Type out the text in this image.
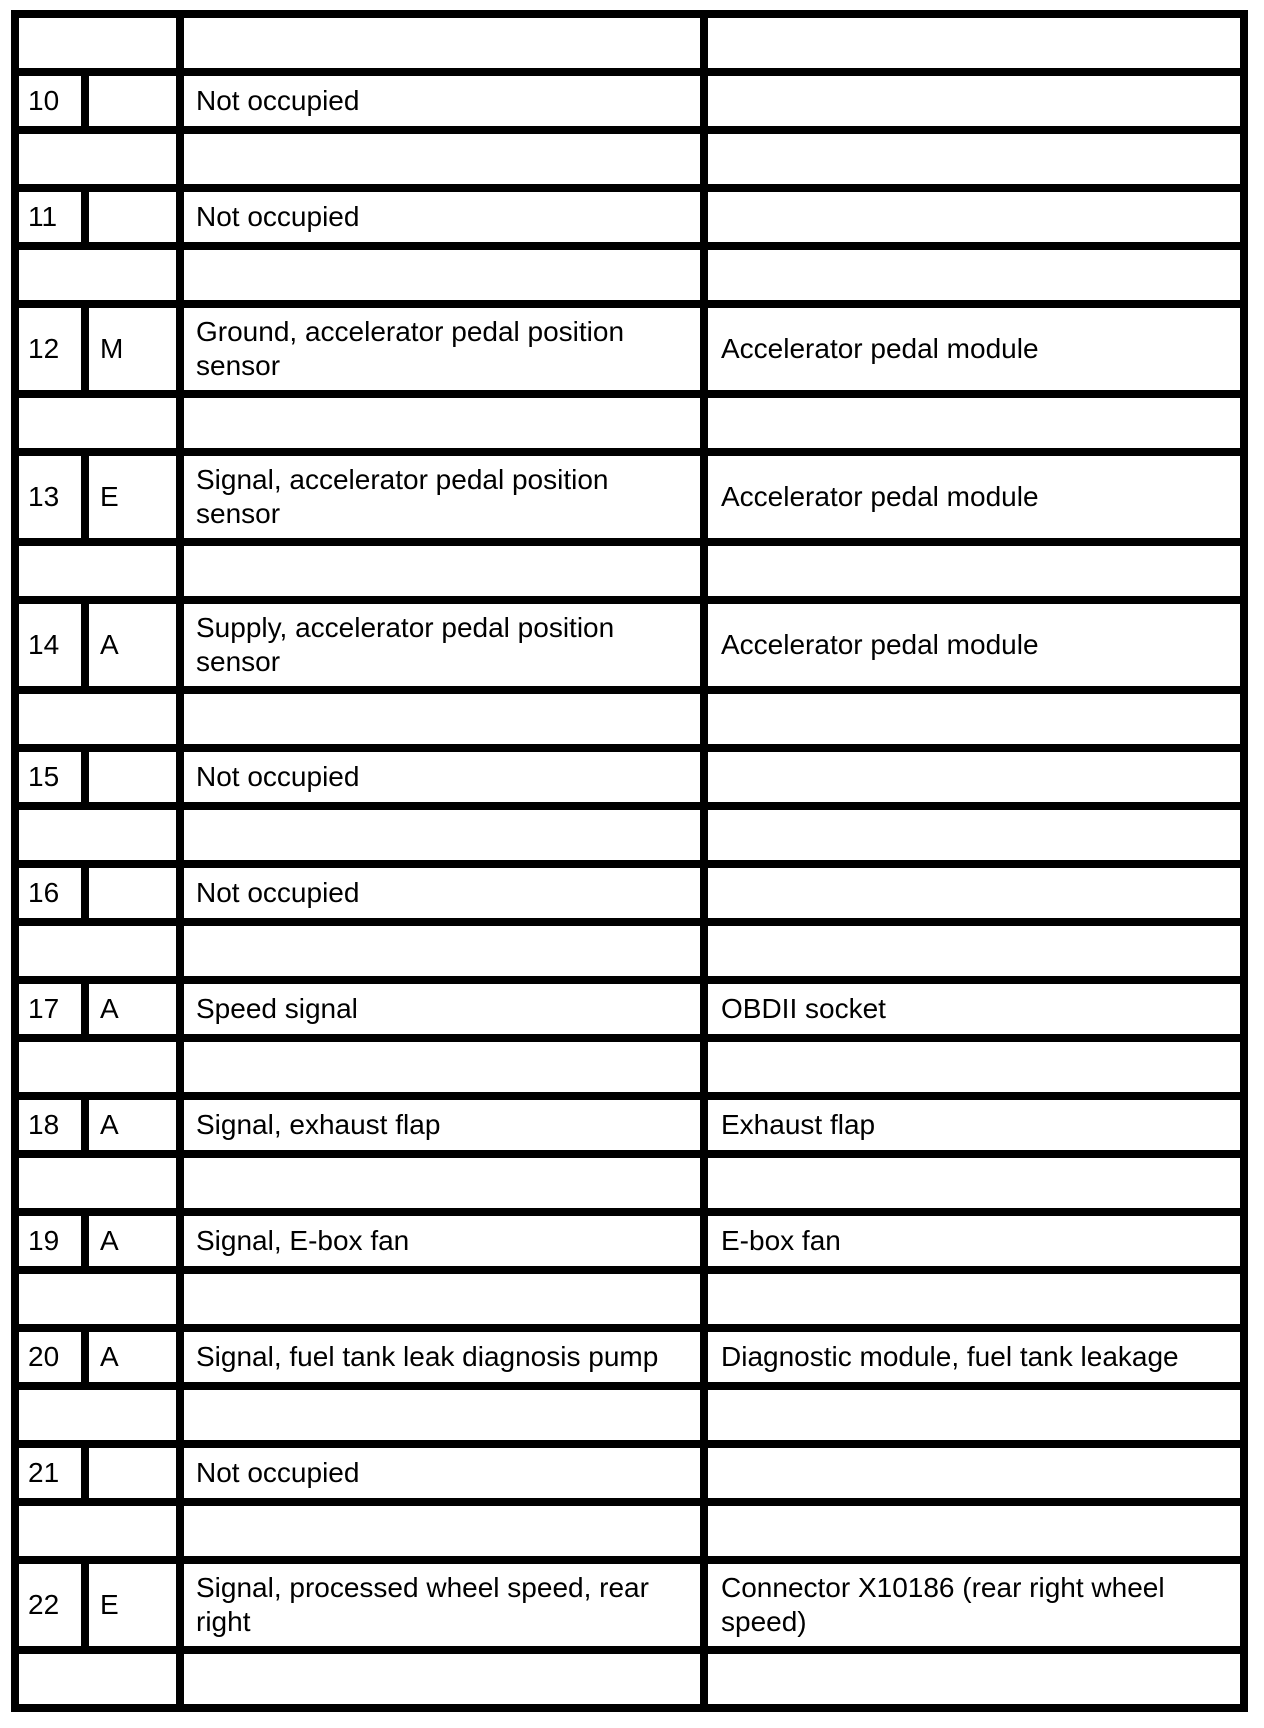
10		Not occupied	

11		Not occupied	

12	M	Ground, accelerator pedal position sensor	Accelerator pedal module

13	E	Signal, accelerator pedal position sensor	Accelerator pedal module

14	A	Supply, accelerator pedal position sensor	Accelerator pedal module

15		Not occupied	

16		Not occupied	

17	A	Speed signal	OBDII socket

18	A	Signal, exhaust flap	Exhaust flap

19	A	Signal, E-box fan	E-box fan

20	A	Signal, fuel tank leak diagnosis pump	Diagnostic module, fuel tank leakage

21		Not occupied	

22	E	Signal, processed wheel speed, rear right	Connector X10186 (rear right wheel speed)
